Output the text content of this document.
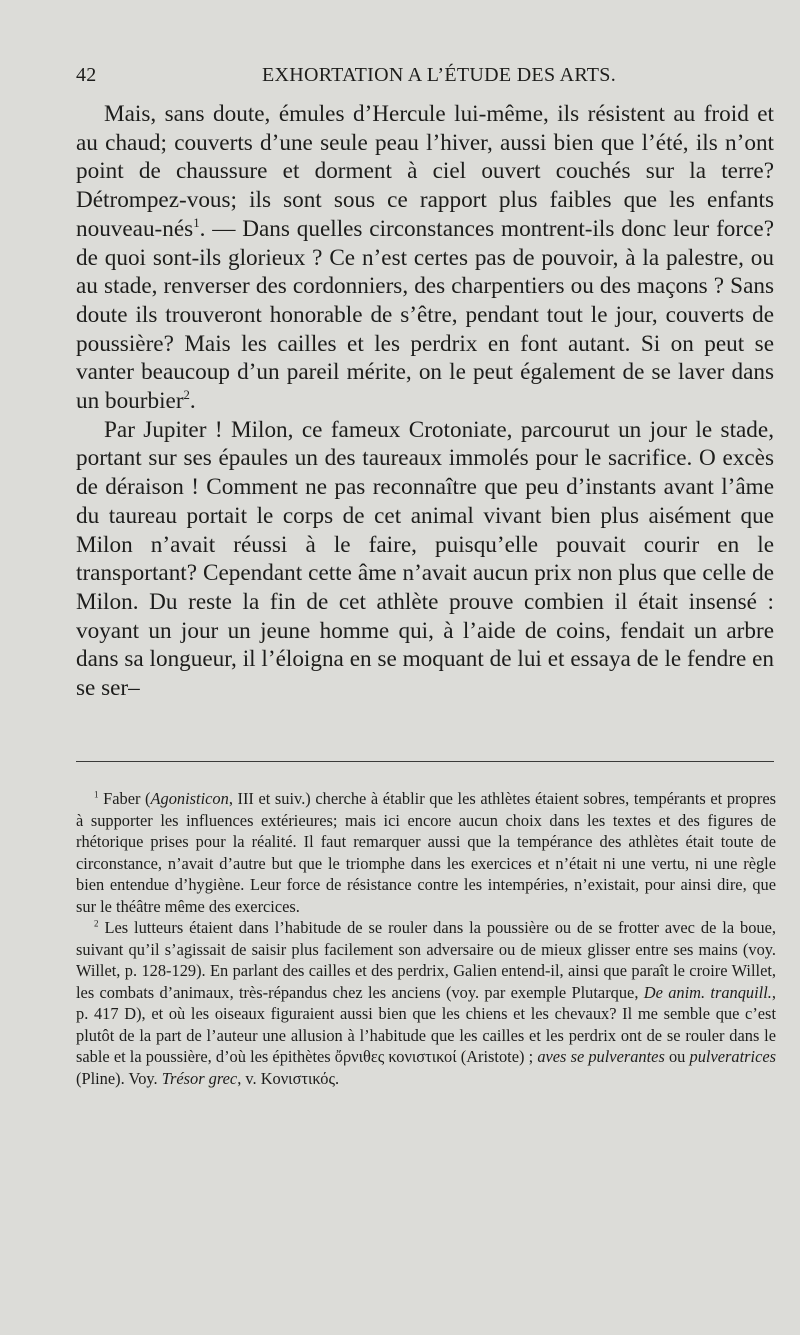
42	EXHORTATION A L’ÉTUDE DES ARTS.

Mais, sans doute, émules d’Hercule lui-même, ils résistent au froid et au chaud; couverts d’une seule peau l’hiver, aussi bien que l’été, ils n’ont point de chaussure et dorment à ciel ouvert couchés sur la terre? Détrompez-vous; ils sont sous ce rapport plus faibles que les enfants nouveau-nés$^1$. — Dans quelles circonstances montrent-ils donc leur force? de quoi sont-ils glorieux ? Ce n’est certes pas de pouvoir, à la palestre, ou au stade, renverser des cordonniers, des charpentiers ou des maçons ? Sans doute ils trouveront honorable de s’être, pendant tout le jour, couverts de poussière? Mais les cailles et les perdrix en font autant. Si on peut se vanter beaucoup d’un pareil mérite, on le peut également de se laver dans un bourbier$^2$.

Par Jupiter ! Milon, ce fameux Crotoniate, parcourut un jour le stade, portant sur ses épaules un des taureaux immolés pour le sacrifice. O excès de déraison ! Comment ne pas reconnaître que peu d’instants avant l’âme du taureau portait le corps de cet animal vivant bien plus aisément que Milon n’avait réussi à le faire, puisqu’elle pouvait courir en le transportant? Cependant cette âme n’avait aucun prix non plus que celle de Milon. Du reste la fin de cet athlète prouve combien il était insensé : voyant un jour un jeune homme qui, à l’aide de coins, fendait un arbre dans sa longueur, il l’éloigna en se moquant de lui et essaya de le fendre en se ser–

$^1$ Faber (Agonisticon, III et suiv.) cherche à établir que les athlètes étaient sobres, tempérants et propres à supporter les influences extérieures; mais ici encore aucun choix dans les textes et des figures de rhétorique prises pour la réalité. Il faut remarquer aussi que la tempérance des athlètes était toute de circonstance, n’avait d’autre but que le triomphe dans les exercices et n’était ni une vertu, ni une règle bien entendue d’hygiène. Leur force de résistance contre les intempéries, n’existait, pour ainsi dire, que sur le théâtre même des exercices.

$^2$ Les lutteurs étaient dans l’habitude de se rouler dans la poussière ou de se frotter avec de la boue, suivant qu’il s’agissait de saisir plus facilement son adversaire ou de mieux glisser entre ses mains (voy. Willet, p. 128-129). En parlant des cailles et des perdrix, Galien entend-il, ainsi que paraît le croire Willet, les combats d’animaux, très-répandus chez les anciens (voy. par exemple Plutarque, De anim. tranquill., p. 417 D), et où les oiseaux figuraient aussi bien que les chiens et les chevaux? Il me semble que c’est plutôt de la part de l’auteur une allusion à l’habitude que les cailles et les perdrix ont de se rouler dans le sable et la poussière, d’où les épithètes ὄρνιθες κονιστικοί (Aristote) ; aves se pulverantes ou pulveratrices (Pline). Voy. Trésor grec, v. Κονιστικός.
